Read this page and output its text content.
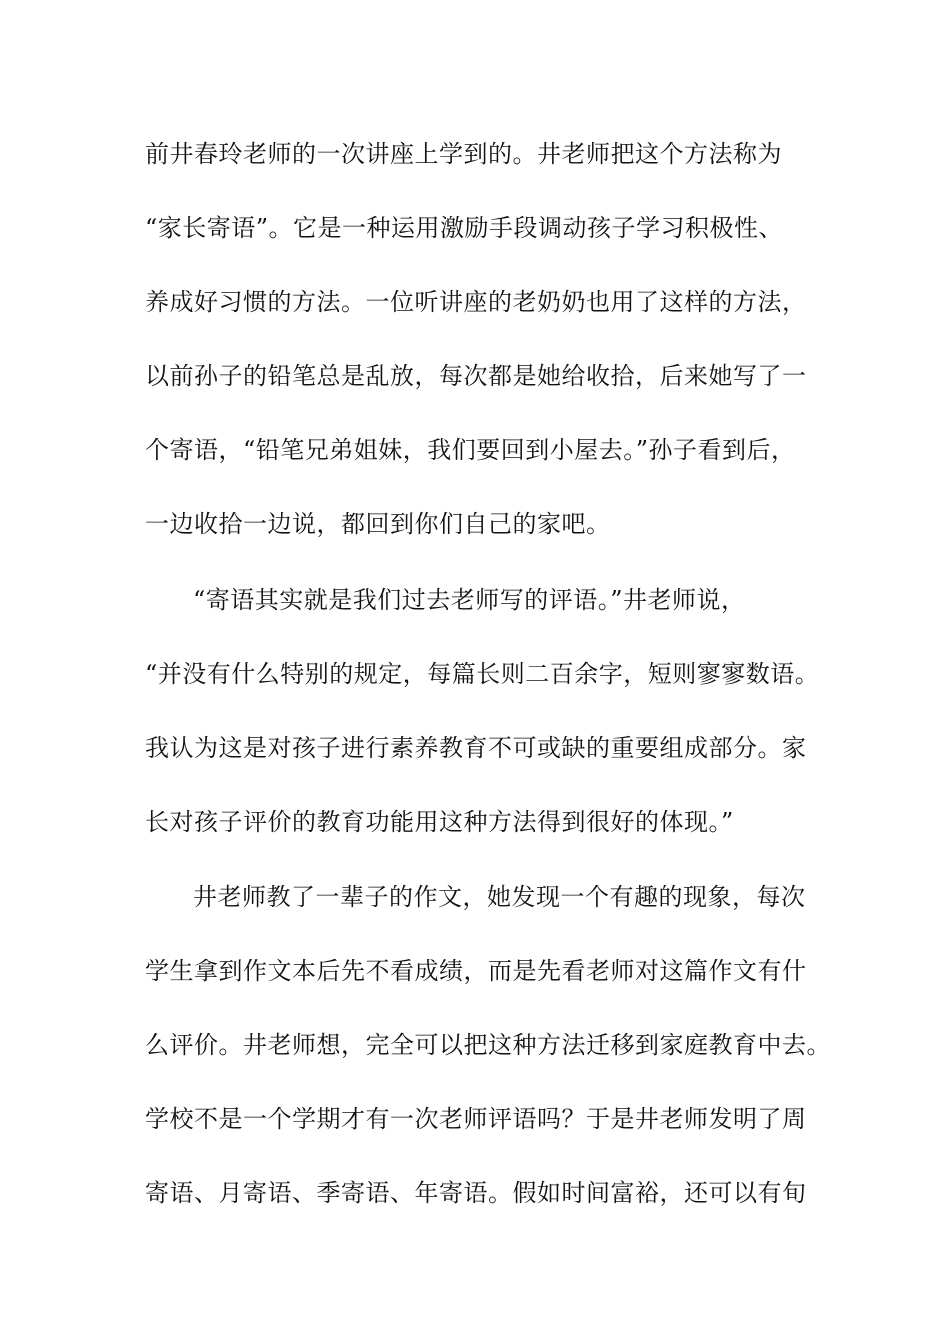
前井春玲老师的一次讲座上学到的。井老师把这个方法称为
“家长寄语”。它是一种运用激励手段调动孩子学习积极性、
养成好习惯的方法。一位听讲座的老奶奶也用了这样的方法，
以前孙子的铅笔总是乱放，每次都是她给收拾，后来她写了一
个寄语，“铅笔兄弟姐妹，我们要回到小屋去。”孙子看到后，
一边收拾一边说，都回到你们自己的家吧。
“寄语其实就是我们过去老师写的评语。”井老师说，
“并没有什么特别的规定，每篇长则二百余字，短则寥寥数语。
我认为这是对孩子进行素养教育不可或缺的重要组成部分。家
长对孩子评价的教育功能用这种方法得到很好的体现。”
井老师教了一辈子的作文，她发现一个有趣的现象，每次
学生拿到作文本后先不看成绩，而是先看老师对这篇作文有什
么评价。井老师想，完全可以把这种方法迁移到家庭教育中去。
学校不是一个学期才有一次老师评语吗？于是井老师发明了周
寄语、月寄语、季寄语、年寄语。假如时间富裕，还可以有旬
